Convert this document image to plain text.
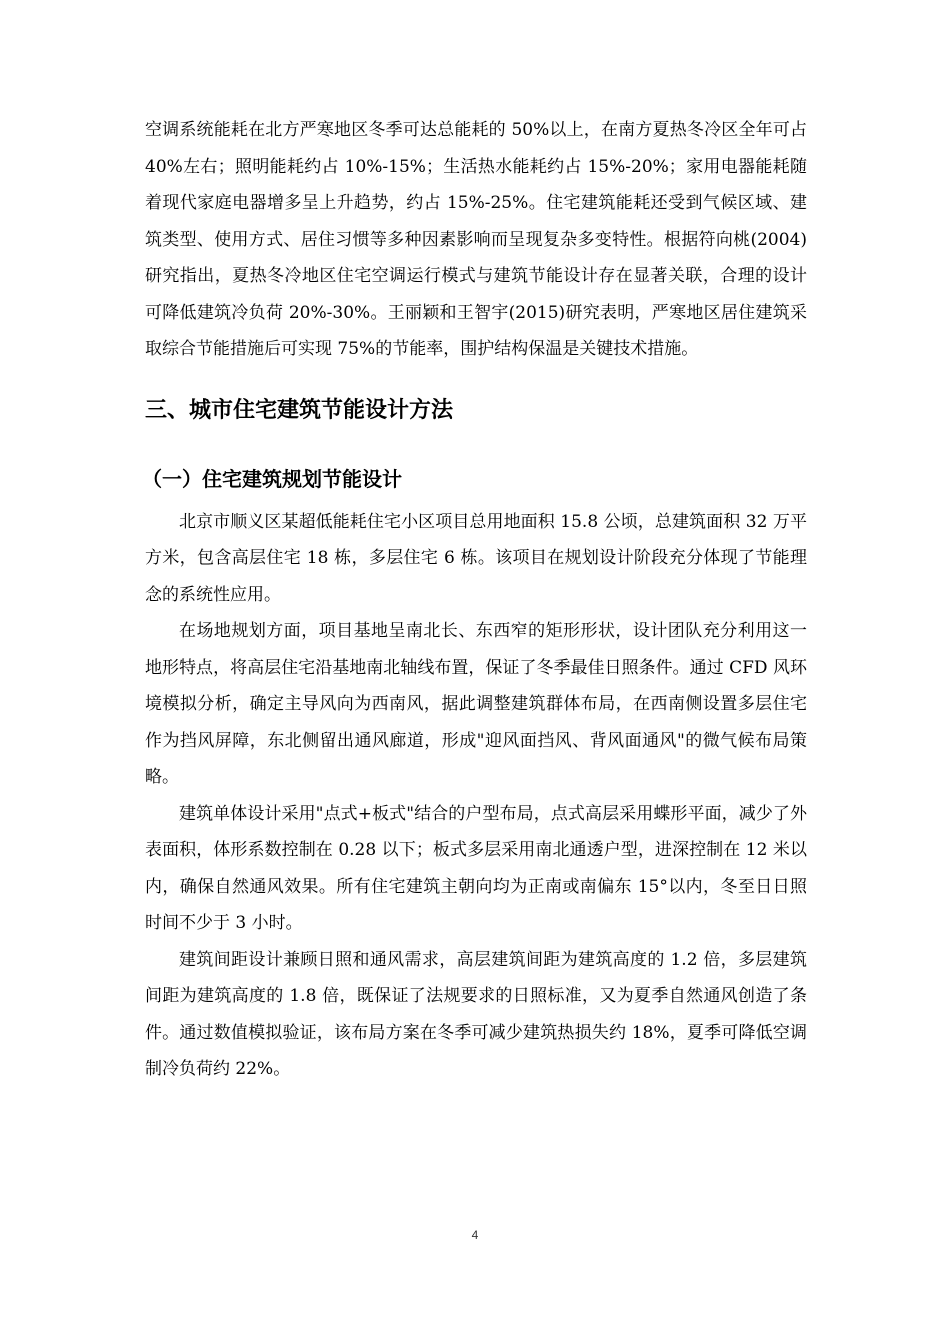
空调系统能耗在北方严寒地区冬季可达总能耗的 50%以上，在南方夏热冬冷区全年可占 40%左右；照明能耗约占 10%-15%；生活热水能耗约占 15%-20%；家用电器能耗随着现代家庭电器增多呈上升趋势，约占 15%-25%。住宅建筑能耗还受到气候区域、建筑类型、使用方式、居住习惯等多种因素影响而呈现复杂多变特性。根据符向桃(2004)研究指出，夏热冬冷地区住宅空调运行模式与建筑节能设计存在显著关联，合理的设计可降低建筑冷负荷 20%-30%。王丽颖和王智宇(2015)研究表明，严寒地区居住建筑采取综合节能措施后可实现 75%的节能率，围护结构保温是关键技术措施。

三、城市住宅建筑节能设计方法
（一）住宅建筑规划节能设计

北京市顺义区某超低能耗住宅小区项目总用地面积 15.8 公顷，总建筑面积 32 万平方米，包含高层住宅 18 栋，多层住宅 6 栋。该项目在规划设计阶段充分体现了节能理念的系统性应用。

在场地规划方面，项目基地呈南北长、东西窄的矩形形状，设计团队充分利用这一地形特点，将高层住宅沿基地南北轴线布置，保证了冬季最佳日照条件。通过 CFD 风环境模拟分析，确定主导风向为西南风，据此调整建筑群体布局，在西南侧设置多层住宅作为挡风屏障，东北侧留出通风廊道，形成"迎风面挡风、背风面通风"的微气候布局策略。

建筑单体设计采用"点式+板式"结合的户型布局，点式高层采用蝶形平面，减少了外表面积，体形系数控制在 0.28 以下；板式多层采用南北通透户型，进深控制在 12 米以内，确保自然通风效果。所有住宅建筑主朝向均为正南或南偏东 15°以内，冬至日日照时间不少于 3 小时。

建筑间距设计兼顾日照和通风需求，高层建筑间距为建筑高度的 1.2 倍，多层建筑间距为建筑高度的 1.8 倍，既保证了法规要求的日照标准，又为夏季自然通风创造了条件。通过数值模拟验证，该布局方案在冬季可减少建筑热损失约 18%，夏季可降低空调制冷负荷约 22%。

4
